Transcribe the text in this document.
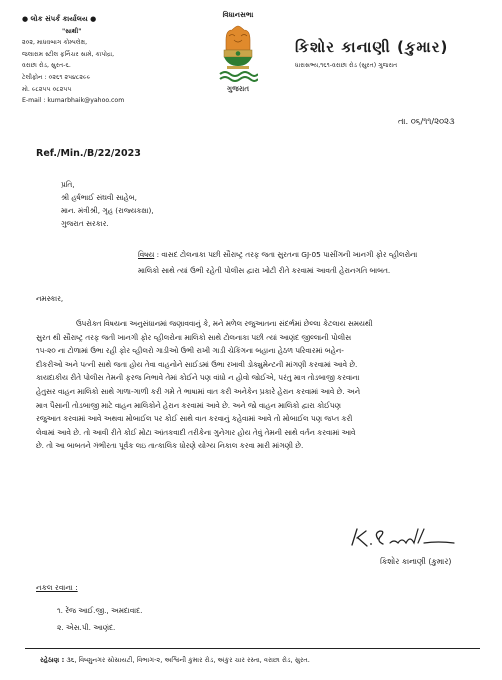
● લોક સંપર્ક કાર્યાલય ●
"સાથી"
૨૦૨, માધવબાગ કોમ્પલેક્ષ,
જલારામ સ્ટીલ ફર્નિચર સામે, કાપોદ્રા,
વરાછા રોડ, સુરત-૬.
ટેલીફોન : ૦૨૬૧ ૨૫૪૮૨૯૯
મો. ૯૮૨૫૫ ૦૮૨૫૫
E-mail : kumarbhaik@yahoo.com
વિધાનસભા
ગુજરાત
કિશોર કાનાણી (કુમાર)
ધારાસભ્ય,૧૬૧-વરાછા રોડ (સુરત) ગુજરાત
તા. ૦૬/૧૧/૨૦૨૩
Ref./Min./B/22/2023
પ્રતિ,
શ્રી હર્ષભાઈ સંઘવી સાહેબ,
માન. મંત્રીશ્રી, ગૃહ (રાજ્યકક્ષા),
ગુજરાત સરકાર.
વિષય : વાસદ ટોલનાકા પછી સૌરાષ્ટ્ર તરફ જતા સુરતના GJ-05 પાસીંગની ખાનગી ફોર વ્હીલરોના
માલિકો સાથે ત્યાં ઉભી રહેતી પોલીસ દ્વારા ખોટી રીતે કરવામાં આવતી હેરાનગતિ બાબત.
નમસ્કાર,
ઉપરોક્ત વિષયના અનુસંધાનમાં જણાવવાનું કે, મને મળેલ રજુઆતના સંદર્ભમાં છેલ્લા કેટલાય સમયથી
સુરત થી સૌરાષ્ટ્ર તરફ જતી ખાનગી ફોર વ્હીલરોના માલિકો સાથે ટોલનાકા પછી ત્યાં આણંદ જીલ્લાની પોલીસ
૧૫-૨૦ ના ટોળામાં ઉભા રહી ફોર વ્હીલરો ગાડીઓ ઉભી રાખી ગાડી ચેકિંગના બહાના હેઠળ પરિવારમાં બહેન-
દીકરીઓ અને પત્ની સાથે જતા હોય તેવા વાહનોને સાઈડમાં ઉભા રખાવી ડોક્યુમેન્ટની માંગણી કરવામાં આવે છે.
કાયદાકીય રીતે પોલીસ તેમની ફરજ નિભાવે તેમાં કોઈને પણ વાંધો ન હોવો જોઈએ, પરંતુ માત્ર તોડબાજી કરવાના
હેતુસર વાહન માલિકો સાથે ગાળા-ગાળી કરી ગમે તે ભાષામાં વાત કરી અનેકેન પ્રકારે હેરાન કરવામાં આવે છે. અને
માત્ર પૈસાની તોડબાજી માટે વાહન માલિકોને હેરાન કરવામાં આવે છે. અને જો વાહન માલિકો દ્વારા કોઈપણ
રજુઆત કરવામાં આવે અથવા મોબાઈલ પર કોઈ સાથે વાત કરવાનું કહેવામાં આવે તો મોબાઈલ પણ જપ્ત કરી
લેવામાં આવે છે. તો આવી રીતે કોઈ મોટા આંતકવાદી તરીકેના ગુનેગાર હોય તેવું તેમની સાથે વર્તન કરવામાં આવે
છે. તો આ બાબતને ગંભીરતા પૂર્વક લઇ તાત્કાલિક ધોરણે યોગ્ય નિકાલ કરવા મારી માંગણી છે.
કિશોર કાનાણી (કુમાર)
નકલ રવાના :
૧. રેંજ આઈ.જી., અમદાવાદ.
૨. એસ.પી. આણંદ.
રહેઠાણ : ૩૬, વિષ્ણુનગર સોસાયટી, વિભાગ-૨, અશ્વિની કુમાર રોડ, અંકુર ચાર રસ્તા, વરાછા રોડ, સુરત.
